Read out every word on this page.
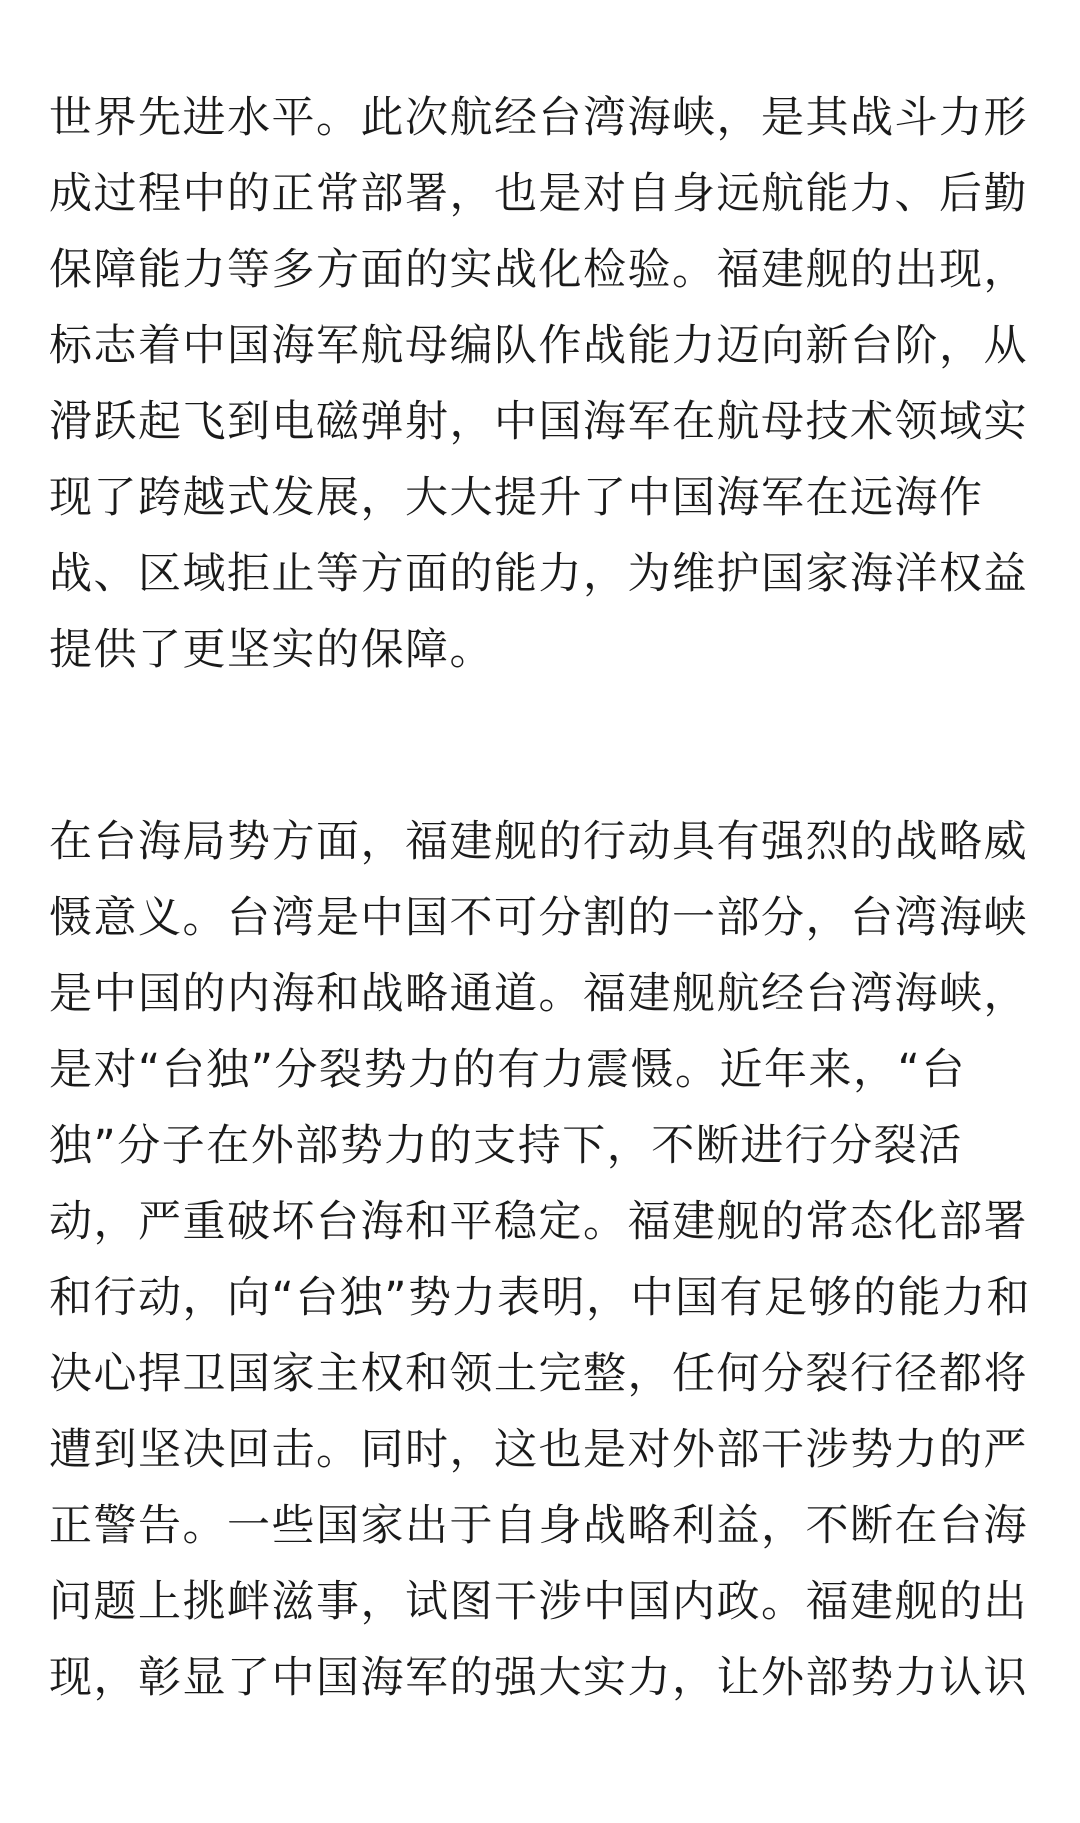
世界先进水平。此次航经台湾海峡，是其战斗力形
成过程中的正常部署，也是对自身远航能力、后勤
保障能力等多方面的实战化检验。福建舰的出现，
标志着中国海军航母编队作战能力迈向新台阶，从
滑跃起飞到电磁弹射，中国海军在航母技术领域实
现了跨越式发展，大大提升了中国海军在远海作
战、区域拒止等方面的能力，为维护国家海洋权益
提供了更坚实的保障。

在台海局势方面，福建舰的行动具有强烈的战略威
慑意义。台湾是中国不可分割的一部分，台湾海峡
是中国的内海和战略通道。福建舰航经台湾海峡，
是对“台独”分裂势力的有力震慑。近年来，“台
独”分子在外部势力的支持下，不断进行分裂活
动，严重破坏台海和平稳定。福建舰的常态化部署
和行动，向“台独”势力表明，中国有足够的能力和
决心捍卫国家主权和领土完整，任何分裂行径都将
遭到坚决回击。同时，这也是对外部干涉势力的严
正警告。一些国家出于自身战略利益，不断在台海
问题上挑衅滋事，试图干涉中国内政。福建舰的出
现，彰显了中国海军的强大实力，让外部势力认识
